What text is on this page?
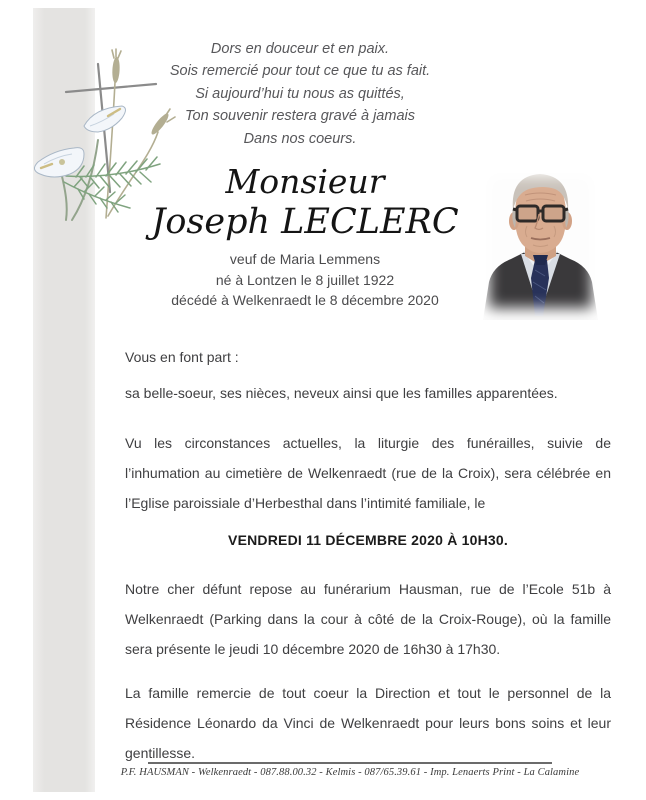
Dors en douceur et en paix.
Sois remercié pour tout ce que tu as fait.
Si aujourd’hui tu nous as quittés,
Ton souvenir restera gravé à jamais
Dans nos coeurs.
Monsieur
Joseph LECLERC
veuf de Maria Lemmens
né à Lontzen le 8 juillet 1922
décédé à Welkenraedt le 8 décembre 2020

Vous en font part :

sa belle-soeur, ses nièces, neveux ainsi que les familles apparentées.

Vu les circonstances actuelles, la liturgie des funérailles, suivie de l’inhumation au cimetière de Welkenraedt (rue de la Croix), sera célébrée en l’Eglise paroissiale d’Herbesthal dans l’intimité familiale, le

VENDREDI 11 DÉCEMBRE 2020 À 10H30.

Notre cher défunt repose au funérarium Hausman, rue de l’Ecole 51b à Welkenraedt (Parking dans la cour à côté de la Croix-Rouge), où la famille sera présente le jeudi 10 décembre 2020 de 16h30 à 17h30.

La famille remercie de tout coeur la Direction et tout le personnel de la Résidence Léonardo da Vinci de Welkenraedt pour leurs bons soins et leur gentillesse.

P.F. HAUSMAN - Welkenraedt - 087.88.00.32 - Kelmis - 087/65.39.61 - Imp. Lenaerts Print - La Calamine
